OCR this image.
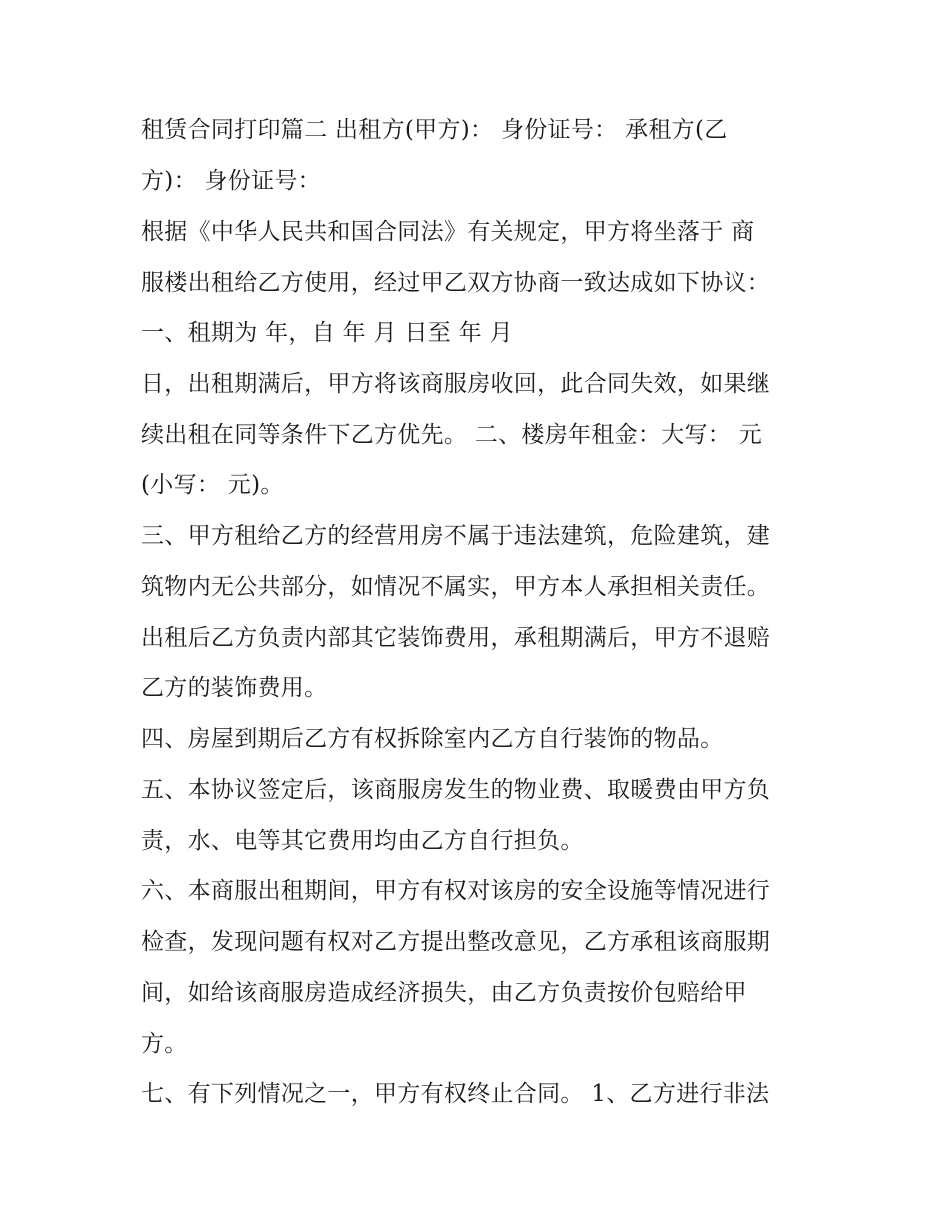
租赁合同打印篇二 出租方(甲方)： 身份证号： 承租方(乙
方)： 身份证号：
根据《中华人民共和国合同法》有关规定，甲方将坐落于 商
服楼出租给乙方使用，经过甲乙双方协商一致达成如下协议：
一、租期为 年，自 年 月 日至 年 月
日，出租期满后，甲方将该商服房收回，此合同失效，如果继
续出租在同等条件下乙方优先。 二、楼房年租金：大写： 元
(小写： 元)。
三、甲方租给乙方的经营用房不属于违法建筑，危险建筑，建
筑物内无公共部分，如情况不属实，甲方本人承担相关责任。
出租后乙方负责内部其它装饰费用，承租期满后，甲方不退赔
乙方的装饰费用。
四、房屋到期后乙方有权拆除室内乙方自行装饰的物品。
五、本协议签定后，该商服房发生的物业费、取暖费由甲方负
责，水、电等其它费用均由乙方自行担负。
六、本商服出租期间，甲方有权对该房的安全设施等情况进行
检查，发现问题有权对乙方提出整改意见，乙方承租该商服期
间，如给该商服房造成经济损失，由乙方负责按价包赔给甲
方。
七、有下列情况之一，甲方有权终止合同。 1、乙方进行非法
